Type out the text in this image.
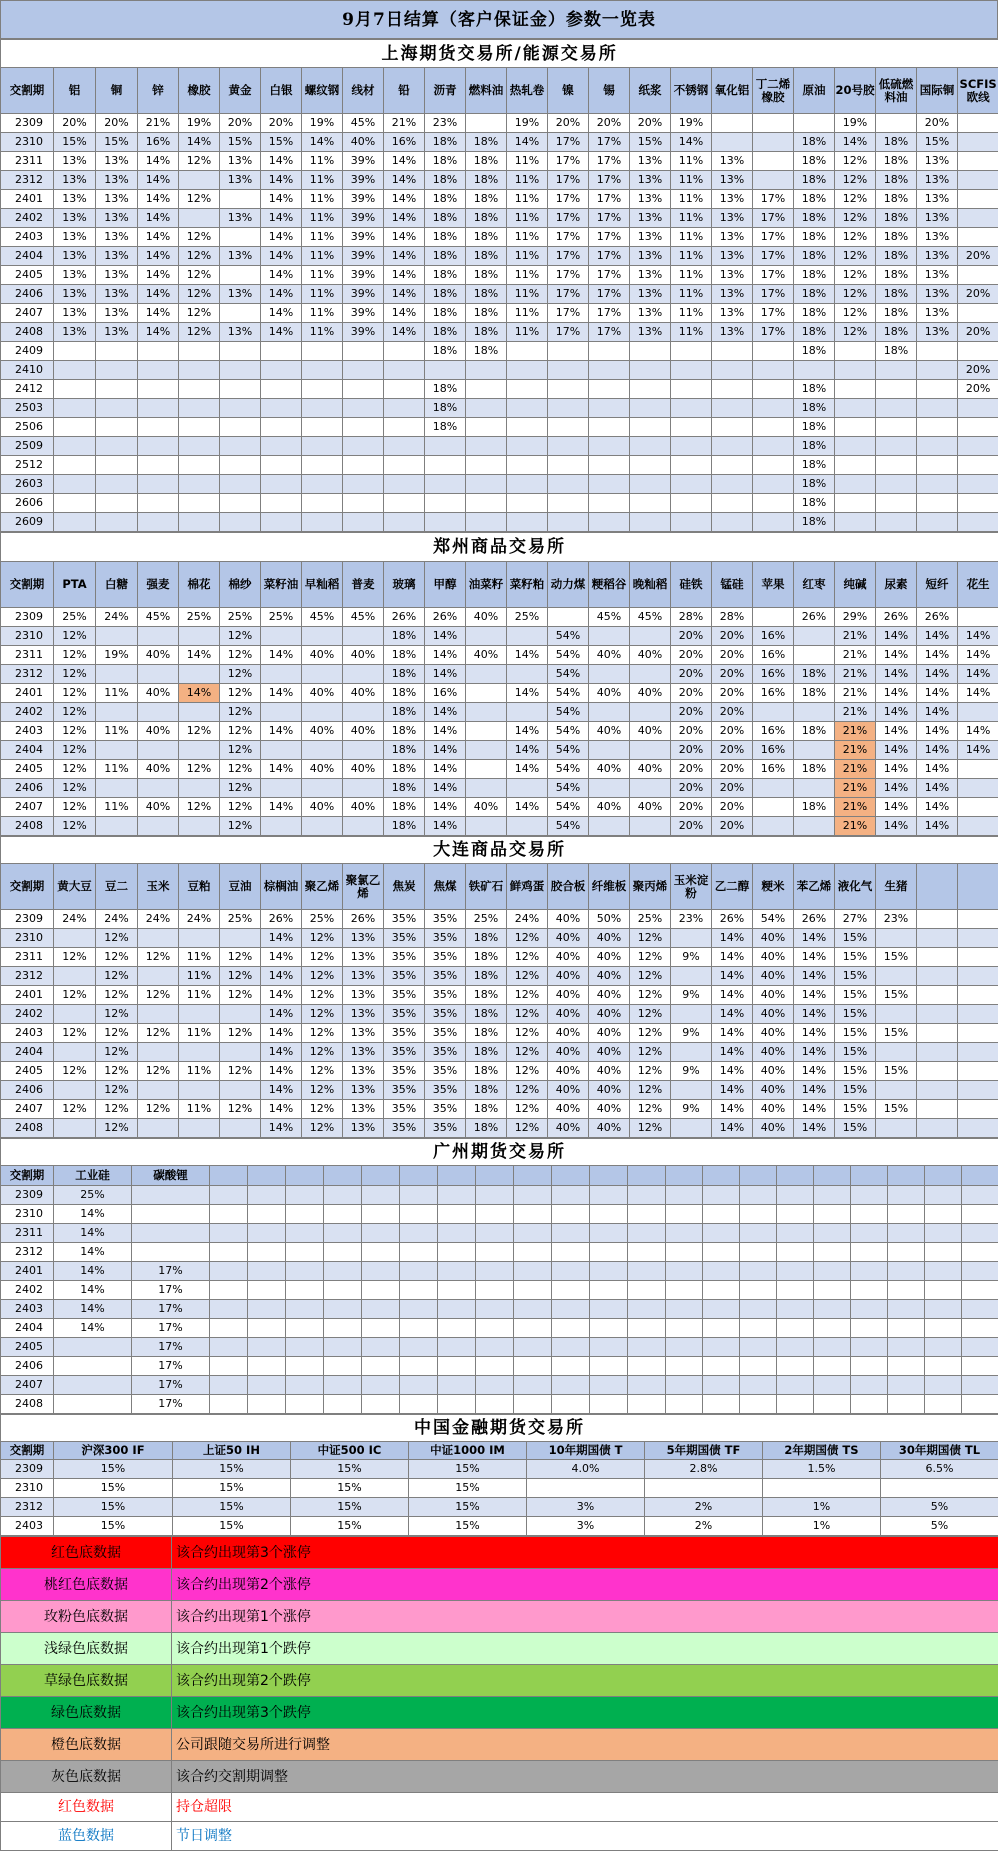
9月7日结算（客户保证金）参数一览表
上海期货交易所/能源交易所																							
交割期	铝	铜	锌	橡胶	黄金	白银	螺纹钢	线材	铅	沥青	燃料油	热轧卷	镍	锡	纸浆	不锈钢	氧化铝	丁二烯橡胶	原油	20号胶	低硫燃料油	国际铜	SCFIS欧线
2309	20%	20%	21%	19%	20%	20%	19%	45%	21%	23%		19%	20%	20%	20%	19%				19%		20%	
2310	15%	15%	16%	14%	15%	15%	14%	40%	16%	18%	18%	14%	17%	17%	15%	14%			18%	14%	18%	15%	
2311	13%	13%	14%	12%	13%	14%	11%	39%	14%	18%	18%	11%	17%	17%	13%	11%	13%		18%	12%	18%	13%	
2312	13%	13%	14%		13%	14%	11%	39%	14%	18%	18%	11%	17%	17%	13%	11%	13%		18%	12%	18%	13%	
2401	13%	13%	14%	12%		14%	11%	39%	14%	18%	18%	11%	17%	17%	13%	11%	13%	17%	18%	12%	18%	13%	
2402	13%	13%	14%		13%	14%	11%	39%	14%	18%	18%	11%	17%	17%	13%	11%	13%	17%	18%	12%	18%	13%	
2403	13%	13%	14%	12%		14%	11%	39%	14%	18%	18%	11%	17%	17%	13%	11%	13%	17%	18%	12%	18%	13%	
2404	13%	13%	14%	12%	13%	14%	11%	39%	14%	18%	18%	11%	17%	17%	13%	11%	13%	17%	18%	12%	18%	13%	20%
2405	13%	13%	14%	12%		14%	11%	39%	14%	18%	18%	11%	17%	17%	13%	11%	13%	17%	18%	12%	18%	13%	
2406	13%	13%	14%	12%	13%	14%	11%	39%	14%	18%	18%	11%	17%	17%	13%	11%	13%	17%	18%	12%	18%	13%	20%
2407	13%	13%	14%	12%		14%	11%	39%	14%	18%	18%	11%	17%	17%	13%	11%	13%	17%	18%	12%	18%	13%	
2408	13%	13%	14%	12%	13%	14%	11%	39%	14%	18%	18%	11%	17%	17%	13%	11%	13%	17%	18%	12%	18%	13%	20%
2409										18%	18%								18%		18%		
2410																							20%
2412										18%									18%				20%
2503										18%									18%				
2506										18%									18%				
2509																			18%				
2512																			18%				
2603																			18%				
2606																			18%				
2609																			18%				
郑州商品交易所																							
交割期	PTA	白糖	强麦	棉花	棉纱	菜籽油	早籼稻	普麦	玻璃	甲醇	油菜籽	菜籽粕	动力煤	粳稻谷	晚籼稻	硅铁	锰硅	苹果	红枣	纯碱	尿素	短纤	花生
2309	25%	24%	45%	25%	25%	25%	45%	45%	26%	26%	40%	25%		45%	45%	28%	28%		26%	29%	26%	26%	
2310	12%				12%				18%	14%			54%			20%	20%	16%		21%	14%	14%	14%
2311	12%	19%	40%	14%	12%	14%	40%	40%	18%	14%	40%	14%	54%	40%	40%	20%	20%	16%		21%	14%	14%	14%
2312	12%				12%				18%	14%			54%			20%	20%	16%	18%	21%	14%	14%	14%
2401	12%	11%	40%	14%	12%	14%	40%	40%	18%	16%		14%	54%	40%	40%	20%	20%	16%	18%	21%	14%	14%	14%
2402	12%				12%				18%	14%			54%			20%	20%			21%	14%	14%	
2403	12%	11%	40%	12%	12%	14%	40%	40%	18%	14%		14%	54%	40%	40%	20%	20%	16%	18%	21%	14%	14%	14%
2404	12%				12%				18%	14%		14%	54%			20%	20%	16%		21%	14%	14%	14%
2405	12%	11%	40%	12%	12%	14%	40%	40%	18%	14%		14%	54%	40%	40%	20%	20%	16%	18%	21%	14%	14%	
2406	12%				12%				18%	14%			54%			20%	20%			21%	14%	14%	
2407	12%	11%	40%	12%	12%	14%	40%	40%	18%	14%	40%	14%	54%	40%	40%	20%	20%		18%	21%	14%	14%	
2408	12%				12%				18%	14%			54%			20%	20%			21%	14%	14%	
大连商品交易所																							
交割期	黄大豆	豆二	玉米	豆粕	豆油	棕榈油	聚乙烯	聚氯乙烯	焦炭	焦煤	铁矿石	鲜鸡蛋	胶合板	纤维板	聚丙烯	玉米淀粉	乙二醇	粳米	苯乙烯	液化气	生猪		
2309	24%	24%	24%	24%	25%	26%	25%	26%	35%	35%	25%	24%	40%	50%	25%	23%	26%	54%	26%	27%	23%		
2310		12%				14%	12%	13%	35%	35%	18%	12%	40%	40%	12%		14%	40%	14%	15%			
2311	12%	12%	12%	11%	12%	14%	12%	13%	35%	35%	18%	12%	40%	40%	12%	9%	14%	40%	14%	15%	15%		
2312		12%		11%	12%	14%	12%	13%	35%	35%	18%	12%	40%	40%	12%		14%	40%	14%	15%			
2401	12%	12%	12%	11%	12%	14%	12%	13%	35%	35%	18%	12%	40%	40%	12%	9%	14%	40%	14%	15%	15%		
2402		12%				14%	12%	13%	35%	35%	18%	12%	40%	40%	12%		14%	40%	14%	15%			
2403	12%	12%	12%	11%	12%	14%	12%	13%	35%	35%	18%	12%	40%	40%	12%	9%	14%	40%	14%	15%	15%		
2404		12%				14%	12%	13%	35%	35%	18%	12%	40%	40%	12%		14%	40%	14%	15%			
2405	12%	12%	12%	11%	12%	14%	12%	13%	35%	35%	18%	12%	40%	40%	12%	9%	14%	40%	14%	15%	15%		
2406		12%				14%	12%	13%	35%	35%	18%	12%	40%	40%	12%		14%	40%	14%	15%			
2407	12%	12%	12%	11%	12%	14%	12%	13%	35%	35%	18%	12%	40%	40%	12%	9%	14%	40%	14%	15%	15%		
2408		12%				14%	12%	13%	35%	35%	18%	12%	40%	40%	12%		14%	40%	14%	15%			
广州期货交易所																							
交割期	工业硅	碳酸锂																					
2309	25%																						
2310	14%																						
2311	14%																						
2312	14%																						
2401	14%	17%																					
2402	14%	17%																					
2403	14%	17%																					
2404	14%	17%																					
2405		17%																					
2406		17%																					
2407		17%																					
2408		17%																					
中国金融期货交易所								
交割期	沪深300 IF	上证50 IH	中证500 IC	中证1000 IM	10年期国债 T	5年期国债 TF	2年期国债 TS	30年期国债 TL
2309	15%	15%	15%	15%	4.0%	2.8%	1.5%	6.5%
2310	15%	15%	15%	15%				
2312	15%	15%	15%	15%	3%	2%	1%	5%
2403	15%	15%	15%	15%	3%	2%	1%	5%
红色底数据	该合约出现第3个涨停
桃红色底数据	该合约出现第2个涨停
玫粉色底数据	该合约出现第1个涨停
浅绿色底数据	该合约出现第1个跌停
草绿色底数据	该合约出现第2个跌停
绿色底数据	该合约出现第3个跌停
橙色底数据	公司跟随交易所进行调整
灰色底数据	该合约交割期调整
红色数据	持仓超限
蓝色数据	节日调整
